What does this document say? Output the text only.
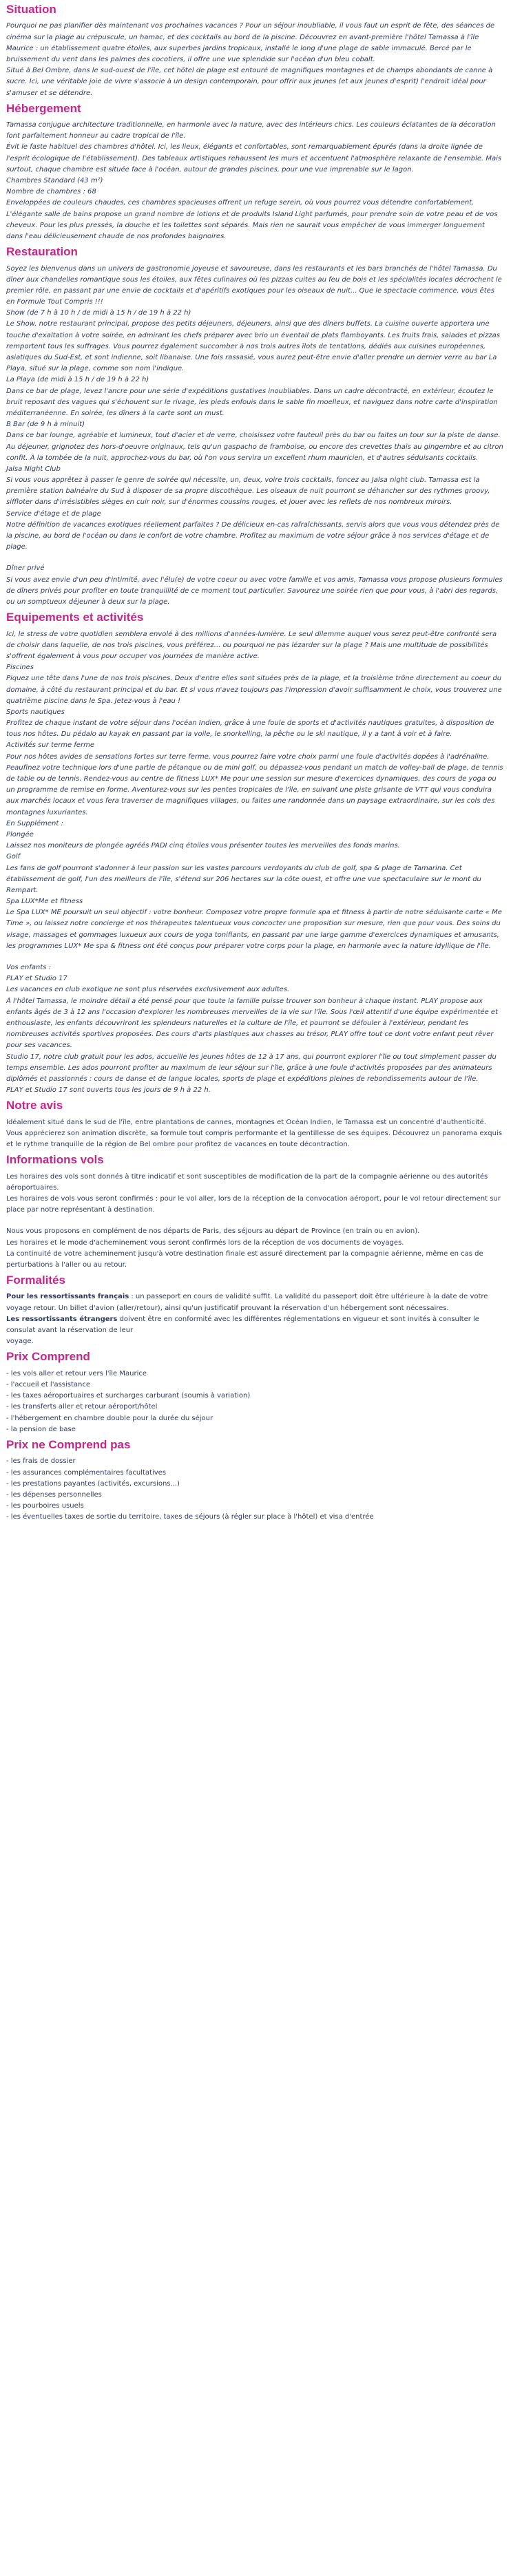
Situation

Pourquoi ne pas planifier dès maintenant vos prochaines vacances ? Pour un séjour inoubliable, il vous faut un esprit de fête, des séances de cinéma sur la plage au crépuscule, un hamac, et des cocktails au bord de la piscine. Découvrez en avant-première l'hôtel Tamassa à l'île Maurice : un établissement quatre étoiles, aux superbes jardins tropicaux, installé le long d'une plage de sable immaculé. Bercé par le bruissement du vent dans les palmes des cocotiers, il offre une vue splendide sur l'océan d'un bleu cobalt.

Situé à Bel Ombre, dans le sud-ouest de l'île, cet hôtel de plage est entouré de magnifiques montagnes et de champs abondants de canne à sucre. Ici, une véritable joie de vivre s'associe à un design contemporain, pour offrir aux jeunes (et aux jeunes d'esprit) l'endroit idéal pour s'amuser et se détendre.

Hébergement

Tamassa conjugue architecture traditionnelle, en harmonie avec la nature, avec des intérieurs chics. Les couleurs éclatantes de la décoration font parfaitement honneur au cadre tropical de l'île.

Évit le faste habituel des chambres d'hôtel. Ici, les lieux, élégants et confortables, sont remarquablement épurés (dans la droite lignée de l'esprit écologique de l'établissement). Des tableaux artistiques rehaussent les murs et accentuent l'atmosphère relaxante de l'ensemble. Mais surtout, chaque chambre est située face à l'océan, autour de grandes piscines, pour une vue imprenable sur le lagon.

Chambres Standard (43 m²)

Nombre de chambres : 68

Enveloppées de couleurs chaudes, ces chambres spacieuses offrent un refuge serein, où vous pourrez vous détendre confortablement. L'élégante salle de bains propose un grand nombre de lotions et de produits Island Light parfumés, pour prendre soin de votre peau et de vos cheveux. Pour les plus pressés, la douche et les toilettes sont séparés. Mais rien ne saurait vous empêcher de vous immerger longuement dans l'eau délicieusement chaude de nos profondes baignoires.

Restauration

Soyez les bienvenus dans un univers de gastronomie joyeuse et savoureuse, dans les restaurants et les bars branchés de l'hôtel Tamassa. Du dîner aux chandelles romantique sous les étoiles, aux fêtes culinaires où les pizzas cuites au feu de bois et les spécialités locales décrochent le premier rôle, en passant par une envie de cocktails et d'apéritifs exotiques pour les oiseaux de nuit... Que le spectacle commence, vous êtes en Formule Tout Compris !!!

Show (de 7 h à 10 h / de midi à 15 h / de 19 h à 22 h)

Le Show, notre restaurant principal, propose des petits déjeuners, déjeuners, ainsi que des dîners buffets. La cuisine ouverte apportera une touche d'exaltation à votre soirée, en admirant les chefs préparer avec brio un éventail de plats flamboyants. Les fruits frais, salades et pizzas remportent tous les suffrages. Vous pourrez également succomber à nos trois autres îlots de tentations, dédiés aux cuisines européennes, asiatiques du Sud-Est, et sont indienne, soit libanaise. Une fois rassasié, vous aurez peut-être envie d'aller prendre un dernier verre au bar La Playa, situé sur la plage, comme son nom l'indique.

La Playa (de midi à 15 h / de 19 h à 22 h)

Dans ce bar de plage, levez l'ancre pour une série d'expéditions gustatives inoubliables. Dans un cadre décontracté, en extérieur, écoutez le bruit reposant des vagues qui s'échouent sur le rivage, les pieds enfouis dans le sable fin moelleux, et naviguez dans notre carte d'inspiration méditerranéenne. En soirée, les dîners à la carte sont un must.

B Bar (de 9 h à minuit)

Dans ce bar lounge, agréable et lumineux, tout d'acier et de verre, choisissez votre fauteuil près du bar ou faites un tour sur la piste de danse. Au déjeuner, grignotez des hors-d'oeuvre originaux, tels qu'un gaspacho de framboise, ou encore des crevettes thaïs au gingembre et au citron confit. À la tombée de la nuit, approchez-vous du bar, où l'on vous servira un excellent rhum mauricien, et d'autres séduisants cocktails.

Jalsa Night Club

Si vous vous apprêtez à passer le genre de soirée qui nécessite, un, deux, voire trois cocktails, foncez au Jalsa night club. Tamassa est la première station balnéaire du Sud à disposer de sa propre discothèque. Les oiseaux de nuit pourront se déhancher sur des rythmes groovy, siffloter dans d'irrésistibles sièges en cuir noir, sur d'énormes coussins rouges, et jouer avec les reflets de nos nombreux miroirs.

Service d'étage et de plage

Notre définition de vacances exotiques réellement parfaites ? De délicieux en-cas rafraîchissants, servis alors que vous vous détendez près de la piscine, au bord de l'océan ou dans le confort de votre chambre. Profitez au maximum de votre séjour grâce à nos services d'étage et de plage.

Dîner privé

Si vous avez envie d'un peu d'intimité, avec l'élu(e) de votre coeur ou avec votre famille et vos amis, Tamassa vous propose plusieurs formules de dîners privés pour profiter en toute tranquillité de ce moment tout particulier. Savourez une soirée rien que pour vous, à l'abri des regards, ou un somptueux déjeuner à deux sur la plage.

Equipements et activités

Ici, le stress de votre quotidien semblera envolé à des millions d'années-lumière. Le seul dilemme auquel vous serez peut-être confronté sera de choisir dans laquelle, de nos trois piscines, vous préférez... ou pourquoi ne pas lézarder sur la plage ? Mais une multitude de possibilités s'offrent également à vous pour occuper vos journées de manière active.

Piscines

Piquez une tête dans l'une de nos trois piscines. Deux d'entre elles sont situées près de la plage, et la troisième trône directement au coeur du domaine, à côté du restaurant principal et du bar. Et si vous n'avez toujours pas l'impression d'avoir suffisamment le choix, vous trouverez une quatrième piscine dans le Spa. Jetez-vous à l'eau !

Sports nautiques

Profitez de chaque instant de votre séjour dans l'océan Indien, grâce à une foule de sports et d'activités nautiques gratuites, à disposition de tous nos hôtes. Du pédalo au kayak en passant par la voile, le snorkelling, la pêche ou le ski nautique, il y a tant à voir et à faire.

Activités sur terme ferme

Pour nos hôtes avides de sensations fortes sur terre ferme, vous pourrez faire votre choix parmi une foule d'activités dopées à l'adrénaline. Peaufinez votre technique lors d'une partie de pétanque ou de mini golf, ou dépassez-vous pendant un match de volley-ball de plage, de tennis de table ou de tennis. Rendez-vous au centre de fitness LUX* Me pour une session sur mesure d'exercices dynamiques, des cours de yoga ou un programme de remise en forme. Aventurez-vous sur les pentes tropicales de l'île, en suivant une piste grisante de VTT qui vous conduira aux marchés locaux et vous fera traverser de magnifiques villages, ou faites une randonnée dans un paysage extraordinaire, sur les cols des montagnes luxuriantes.

En Supplément :

Plongée

Laissez nos moniteurs de plongée agréés PADI cinq étoiles vous présenter toutes les merveilles des fonds marins.

Golf

Les fans de golf pourront s'adonner à leur passion sur les vastes parcours verdoyants du club de golf, spa & plage de Tamarina. Cet établissement de golf, l'un des meilleurs de l'île, s'étend sur 206 hectares sur la côte ouest, et offre une vue spectaculaire sur le mont du Rempart.

Spa LUX*Me et fitness

Le Spa LUX* ME poursuit un seul objectif : votre bonheur. Composez votre propre formule spa et fitness à partir de notre séduisante carte « Me Time », ou laissez notre concierge et nos thérapeutes talentueux vous concocter une proposition sur mesure, rien que pour vous. Des soins du visage, massages et gommages luxueux aux cours de yoga tonifiants, en passant par une large gamme d'exercices dynamiques et amusants, les programmes LUX* Me spa & fitness ont été conçus pour préparer votre corps pour la plage, en harmonie avec la nature idyllique de l'île.

Vos enfants :

PLAY et Studio 17

Les vacances en club exotique ne sont plus réservées exclusivement aux adultes.

À l'hôtel Tamassa, le moindre détail a été pensé pour que toute la famille puisse trouver son bonheur à chaque instant. PLAY propose aux enfants âgés de 3 à 12 ans l'occasion d'explorer les nombreuses merveilles de la vie sur l'île. Sous l'œil attentif d'une équipe expérimentée et enthousiaste, les enfants découvriront les splendeurs naturelles et la culture de l'île, et pourront se défouler à l'extérieur, pendant les nombreuses activités sportives proposées. Des cours d'arts plastiques aux chasses au trésor, PLAY offre tout ce dont votre enfant peut rêver pour ses vacances.

Studio 17, notre club gratuit pour les ados, accueille les jeunes hôtes de 12 à 17 ans, qui pourront explorer l'île ou tout simplement passer du temps ensemble. Les ados pourront profiter au maximum de leur séjour sur l'île, grâce à une foule d'activités proposées par des animateurs diplômés et passionnés : cours de danse et de langue locales, sports de plage et expéditions pleines de rebondissements autour de l'île.

PLAY et Studio 17 sont ouverts tous les jours de 9 h à 22 h.

Notre avis

Idéalement situé dans le sud de l'île, entre plantations de cannes, montagnes et Océan Indien, le Tamassa est un concentré d'authenticité. Vous apprécierez son animation discrète, sa formule tout compris performante et la gentillesse de ses équipes. Découvrez un panorama exquis et le rythme tranquille de la région de Bel ombre pour profitez de vacances en toute décontraction.

Informations vols

Les horaires des vols sont donnés à titre indicatif et sont susceptibles de modification de la part de la compagnie aérienne ou des autorités aéroportuaires.

Les horaires de vols vous seront confirmés : pour le vol aller, lors de la réception de la convocation aéroport, pour le vol retour directement sur place par notre représentant à destination.

Nous vous proposons en complément de nos départs de Paris, des séjours au départ de Province (en train ou en avion).

Les horaires et le mode d'acheminement vous seront confirmés lors de la réception de vos documents de voyages.

La continuité de votre acheminement jusqu'à votre destination finale est assuré directement par la compagnie aérienne, même en cas de perturbations à l'aller ou au retour.

Formalités

Pour les ressortissants français : un passeport en cours de validité suffit. La validité du passeport doit être ultérieure à la date de votre voyage retour. Un billet d'avion (aller/retour), ainsi qu'un justificatif prouvant la réservation d'un hébergement sont nécessaires.

Les ressortissants étrangers doivent être en conformité avec les différentes réglementations en vigueur et sont invités à consulter le consulat avant la réservation de leur

voyage.

Prix Comprend
- les vols aller et retour vers l'île Maurice
- l'accueil et l'assistance
- les taxes aéroportuaires et surcharges carburant (soumis à variation)
- les transferts aller et retour aéroport/hôtel
- l'hébergement en chambre double pour la durée du séjour
- la pension de base
Prix ne Comprend pas
- les frais de dossier
- les assurances complémentaires facultatives
- les prestations payantes (activités, excursions...)
- les dépenses personnelles
- les pourboires usuels
- les éventuelles taxes de sortie du territoire, taxes de séjours (à régler sur place à l'hôtel) et visa d'entrée
